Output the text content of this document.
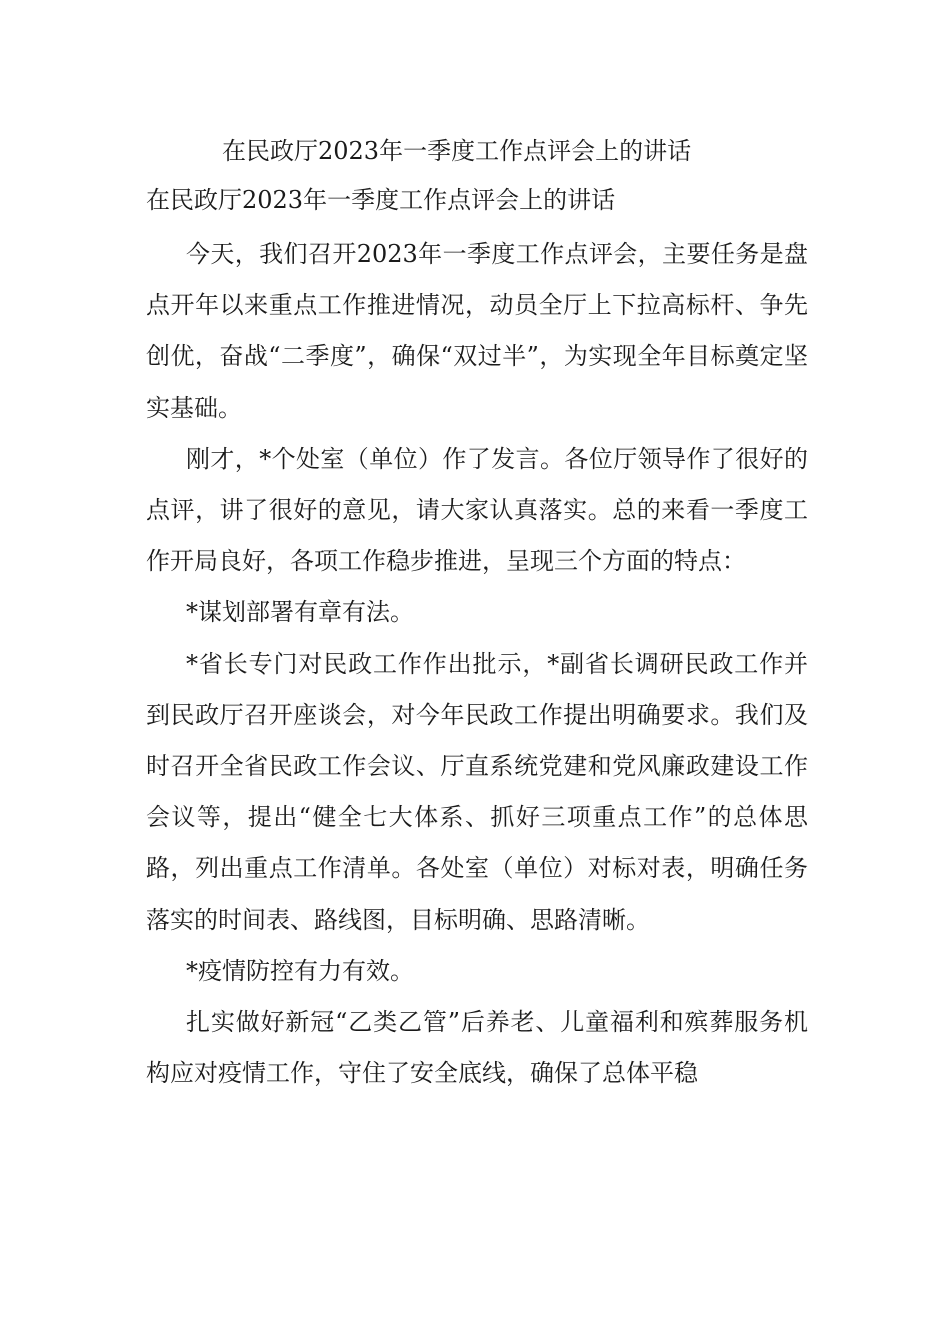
在民政厅2023年一季度工作点评会上的讲话
在民政厅2023年一季度工作点评会上的讲话

今天，我们召开2023年一季度工作点评会，主要任务是盘点开年以来重点工作推进情况，动员全厅上下拉高标杆、争先创优，奋战“二季度”，确保“双过半”，为实现全年目标奠定坚实基础。

刚才，*个处室（单位）作了发言。各位厅领导作了很好的点评，讲了很好的意见，请大家认真落实。总的来看一季度工作开局良好，各项工作稳步推进，呈现三个方面的特点：

*谋划部署有章有法。

*省长专门对民政工作作出批示，*副省长调研民政工作并到民政厅召开座谈会，对今年民政工作提出明确要求。我们及时召开全省民政工作会议、厅直系统党建和党风廉政建设工作会议等，提出“健全七大体系、抓好三项重点工作”的总体思路，列出重点工作清单。各处室（单位）对标对表，明确任务落实的时间表、路线图，目标明确、思路清晰。

*疫情防控有力有效。

扎实做好新冠“乙类乙管”后养老、儿童福利和殡葬服务机构应对疫情工作，守住了安全底线，确保了总体平稳
